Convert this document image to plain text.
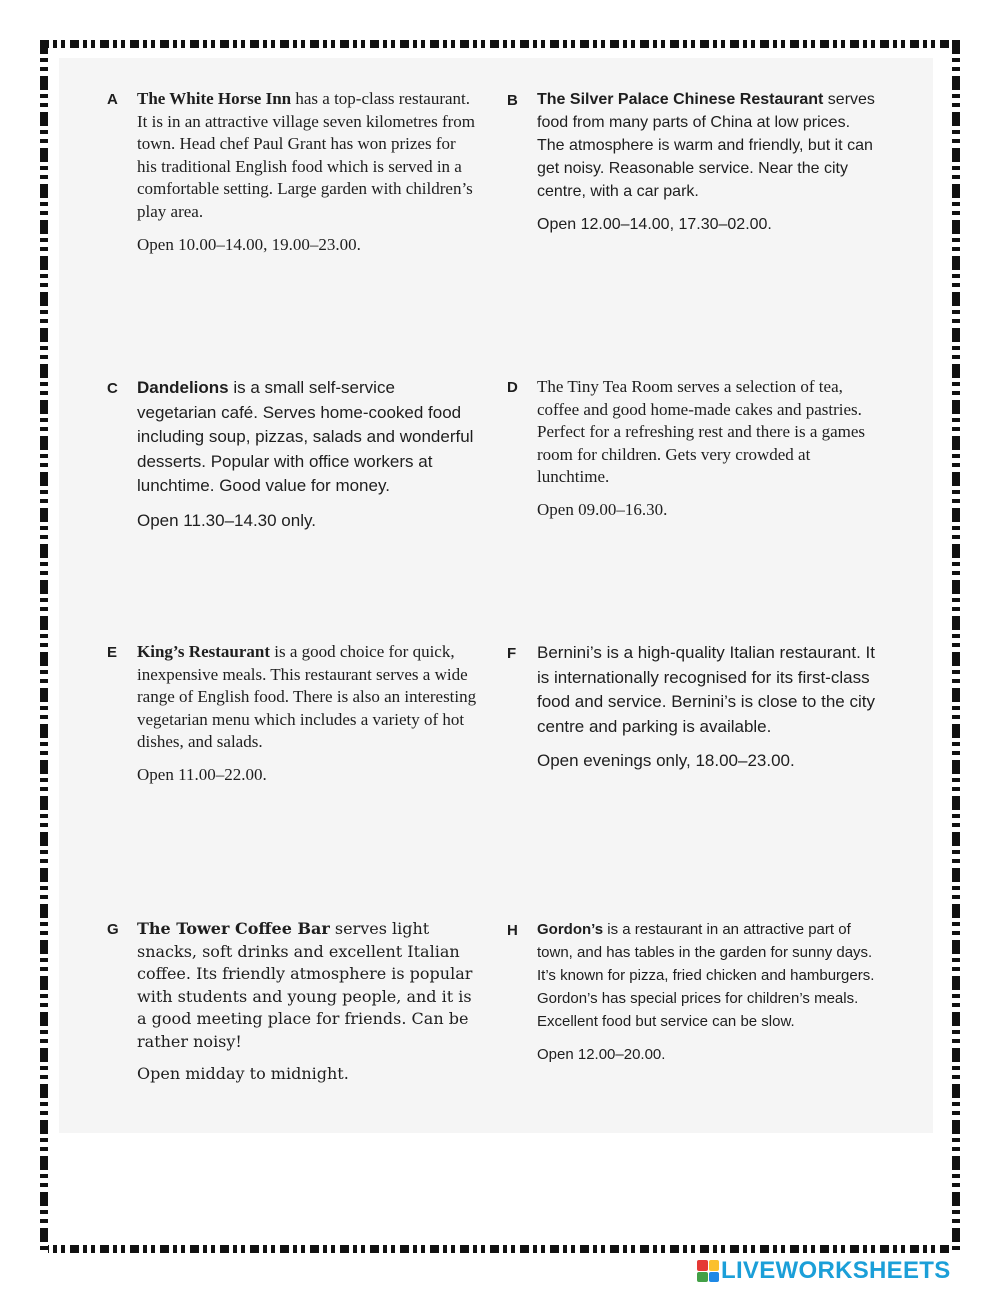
A The White Horse Inn has a top-class restaurant. It is in an attractive village seven kilometres from town. Head chef Paul Grant has won prizes for his traditional English food which is served in a comfortable setting. Large garden with children’s play area.

Open 10.00–14.00, 19.00–23.00.

B The Silver Palace Chinese Restaurant serves food from many parts of China at low prices. The atmosphere is warm and friendly, but it can get noisy. Reasonable service. Near the city centre, with a car park.

Open 12.00–14.00, 17.30–02.00.

C Dandelions is a small self-service vegetarian café. Serves home-cooked food including soup, pizzas, salads and wonderful desserts. Popular with office workers at lunchtime. Good value for money.

Open 11.30–14.30 only.

D The Tiny Tea Room serves a selection of tea, coffee and good home-made cakes and pastries. Perfect for a refreshing rest and there is a games room for children. Gets very crowded at lunchtime.

Open 09.00–16.30.

E King’s Restaurant is a good choice for quick, inexpensive meals. This restaurant serves a wide range of English food. There is also an interesting vegetarian menu which includes a variety of hot dishes, and salads.

Open 11.00–22.00.

F Bernini’s is a high-quality Italian restaurant. It is internationally recognised for its first-class food and service. Bernini’s is close to the city centre and parking is available.

Open evenings only, 18.00–23.00.

G The Tower Coffee Bar serves light snacks, soft drinks and excellent Italian coffee. Its friendly atmosphere is popular with students and young people, and it is a good meeting place for friends. Can be rather noisy!

Open midday to midnight.

H Gordon’s is a restaurant in an attractive part of town, and has tables in the garden for sunny days. It’s known for pizza, fried chicken and hamburgers. Gordon’s has special prices for children’s meals. Excellent food but service can be slow.

Open 12.00–20.00.

LIVEWORKSHEETS
